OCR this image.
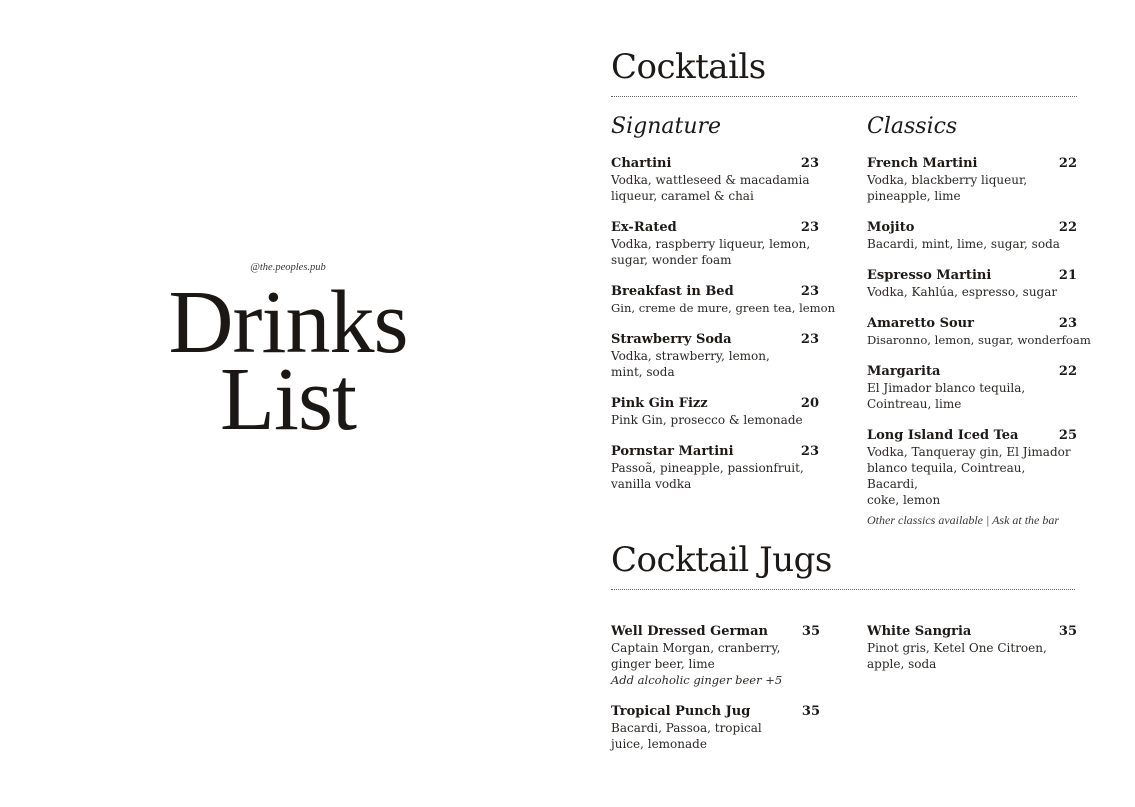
@the.peoples.pub
Drinks
List
Cocktails
Signature	Classics
Chartini	23
Vodka, wattleseed & macadamia
liqueur, caramel & chai
Ex-Rated	23
Vodka, raspberry liqueur, lemon,
sugar, wonder foam
Breakfast in Bed	23
Gin, creme de mure, green tea, lemon
Strawberry Soda	23
Vodka, strawberry, lemon,
mint, soda
Pink Gin Fizz	20
Pink Gin, prosecco & lemonade
Pornstar Martini	23
Passoã, pineapple, passionfruit,
vanilla vodka
French Martini	22
Vodka, blackberry liqueur,
pineapple, lime
Mojito	22
Bacardi, mint, lime, sugar, soda
Espresso Martini	21
Vodka, Kahlúa, espresso, sugar
Amaretto Sour	23
Disaronno, lemon, sugar, wonderfoam
Margarita	22
El Jimador blanco tequila,
Cointreau, lime
Long Island Iced Tea	25
Vodka, Tanqueray gin, El Jimador
blanco tequila, Cointreau, Bacardi,
coke, lemon
Other classics available | Ask at the bar
Cocktail Jugs
Well Dressed German	35
Captain Morgan, cranberry,
ginger beer, lime
Add alcoholic ginger beer +5
Tropical Punch Jug	35
Bacardi, Passoa, tropical
juice, lemonade
White Sangria	35
Pinot gris, Ketel One Citroen,
apple, soda
